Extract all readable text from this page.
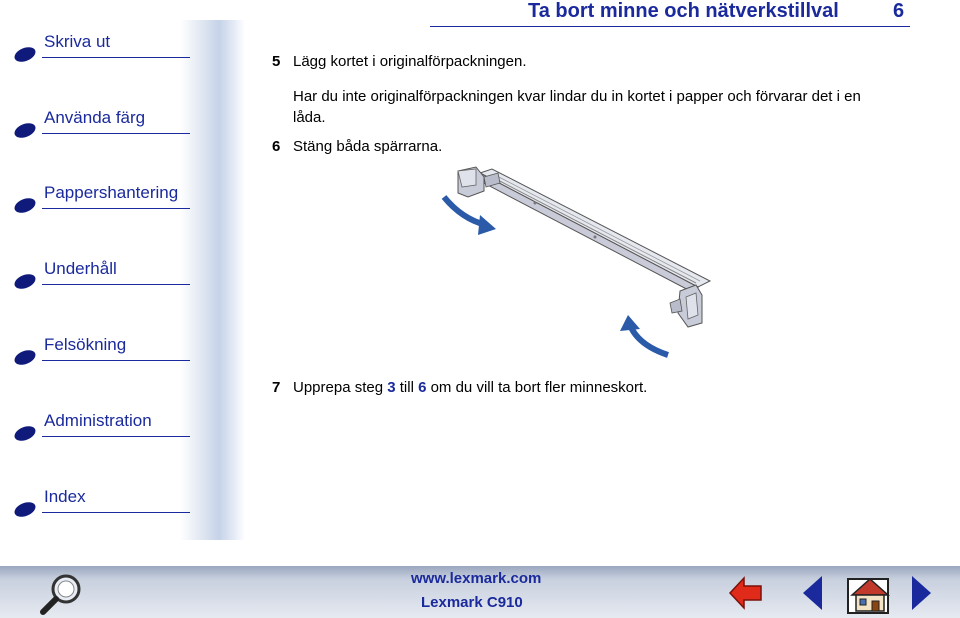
Skriva ut
Använda färg
Pappershantering
Underhåll
Felsökning
Administration
Index
Ta bort minne och nätverkstillval	6
5 Lägg kortet i originalförpackningen.
Har du inte originalförpackningen kvar lindar du in kortet i papper och förvarar det i en låda.
6 Stäng båda spärrarna.
7 Upprepa steg 3 till 6 om du vill ta bort fler minneskort.
www.lexmark.com
Lexmark C910
